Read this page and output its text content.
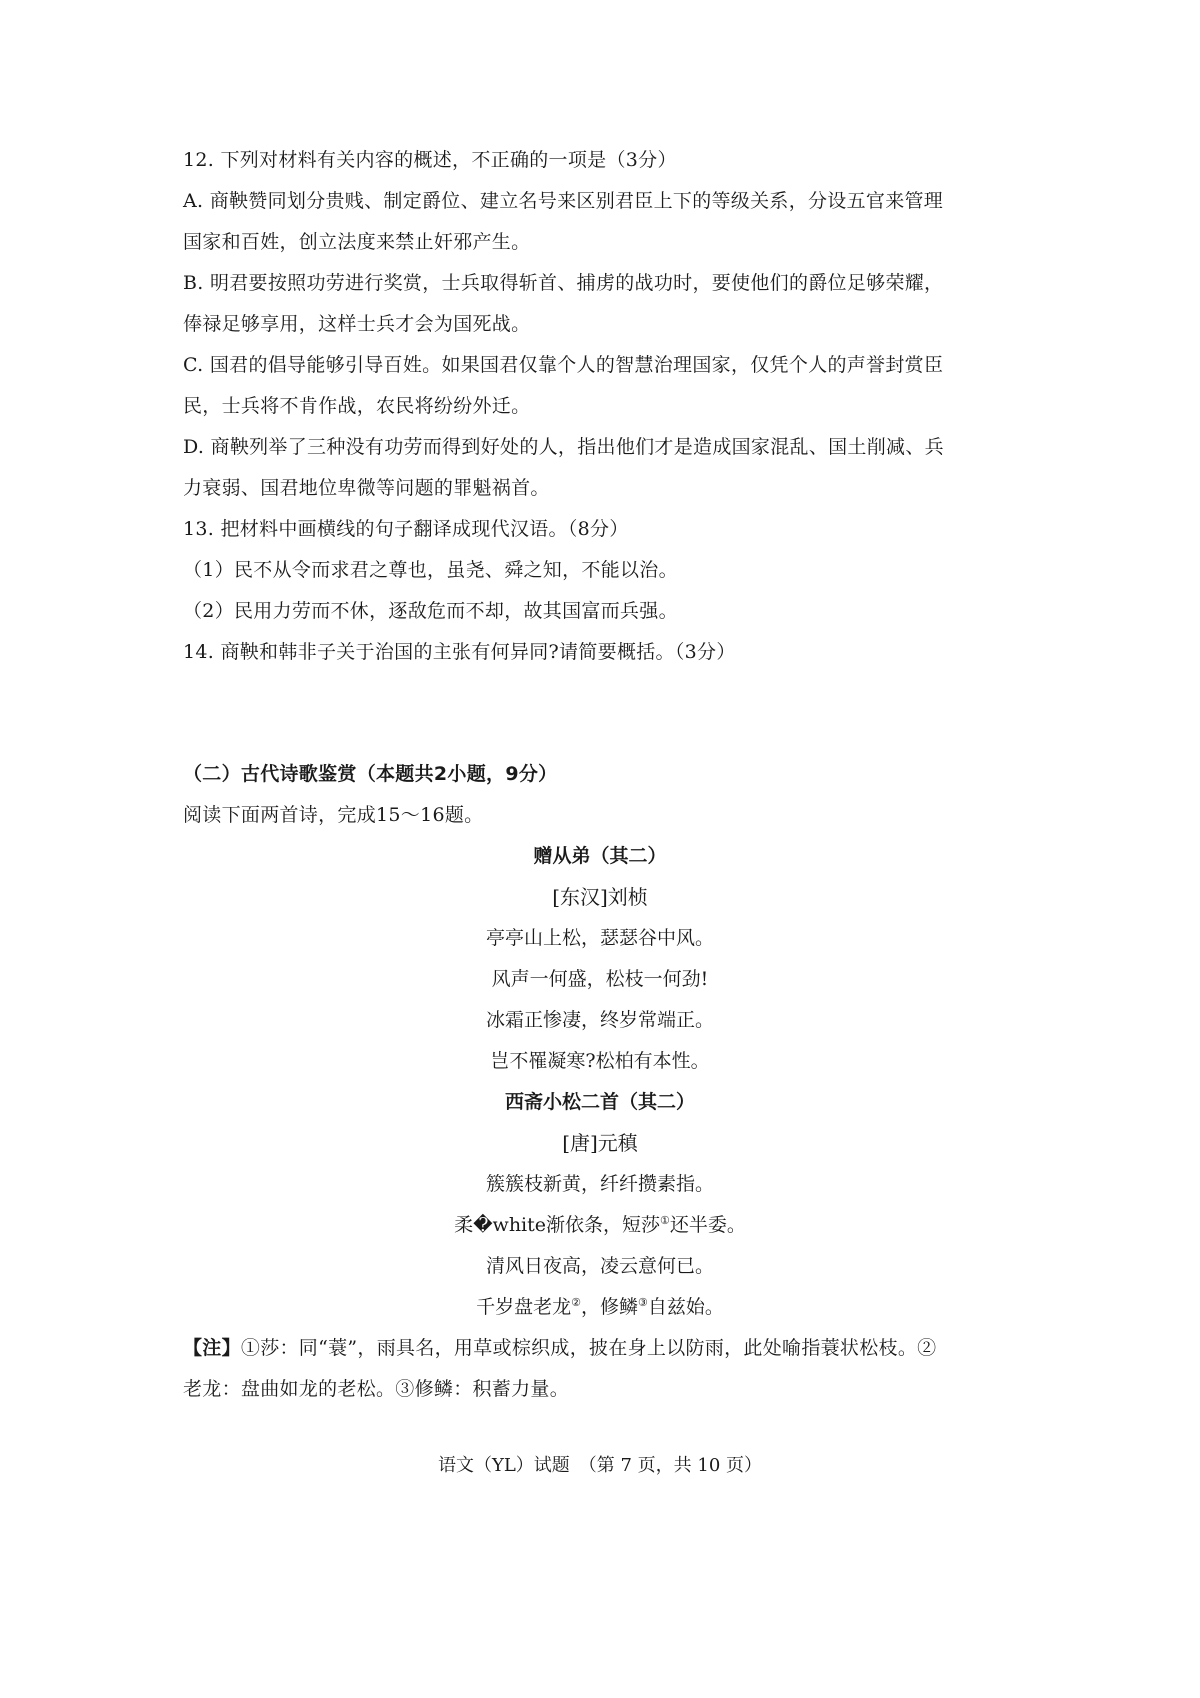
12. 下列对材料有关内容的概述，不正确的一项是（3分）
A. 商鞅赞同划分贵贱、制定爵位、建立名号来区别君臣上下的等级关系，分设五官来管理
国家和百姓，创立法度来禁止奸邪产生。
B. 明君要按照功劳进行奖赏，士兵取得斩首、捕虏的战功时，要使他们的爵位足够荣耀，
俸禄足够享用，这样士兵才会为国死战。
C. 国君的倡导能够引导百姓。如果国君仅靠个人的智慧治理国家，仅凭个人的声誉封赏臣
民，士兵将不肯作战，农民将纷纷外迁。
D. 商鞅列举了三种没有功劳而得到好处的人，指出他们才是造成国家混乱、国土削减、兵
力衰弱、国君地位卑微等问题的罪魁祸首。
13. 把材料中画横线的句子翻译成现代汉语。（8分）
（1）民不从令而求君之尊也，虽尧、舜之知，不能以治。
（2）民用力劳而不休，逐敌危而不却，故其国富而兵强。
14. 商鞅和韩非子关于治国的主张有何异同?请简要概括。（3分）
（二）古代诗歌鉴赏（本题共2小题，9分）
阅读下面两首诗，完成15～16题。
赠从弟（其二）
[东汉]刘桢
亭亭山上松，瑟瑟谷中风。
风声一何盛，松枝一何劲!
冰霜正惨凄，终岁常端正。
岂不罹凝寒?松柏有本性。
西斋小松二首（其二）
[唐]元稹
簇簇枝新黄，纤纤攒素指。
柔�white渐依条，短莎①还半委。
清风日夜高，凌云意何已。
千岁盘老龙②，修鳞③自兹始。
【注】①莎：同“蓑”，雨具名，用草或棕织成，披在身上以防雨，此处喻指蓑状松枝。②
老龙：盘曲如龙的老松。③修鳞：积蓄力量。
语文（YL）试题　（第 7 页，共 10 页）
